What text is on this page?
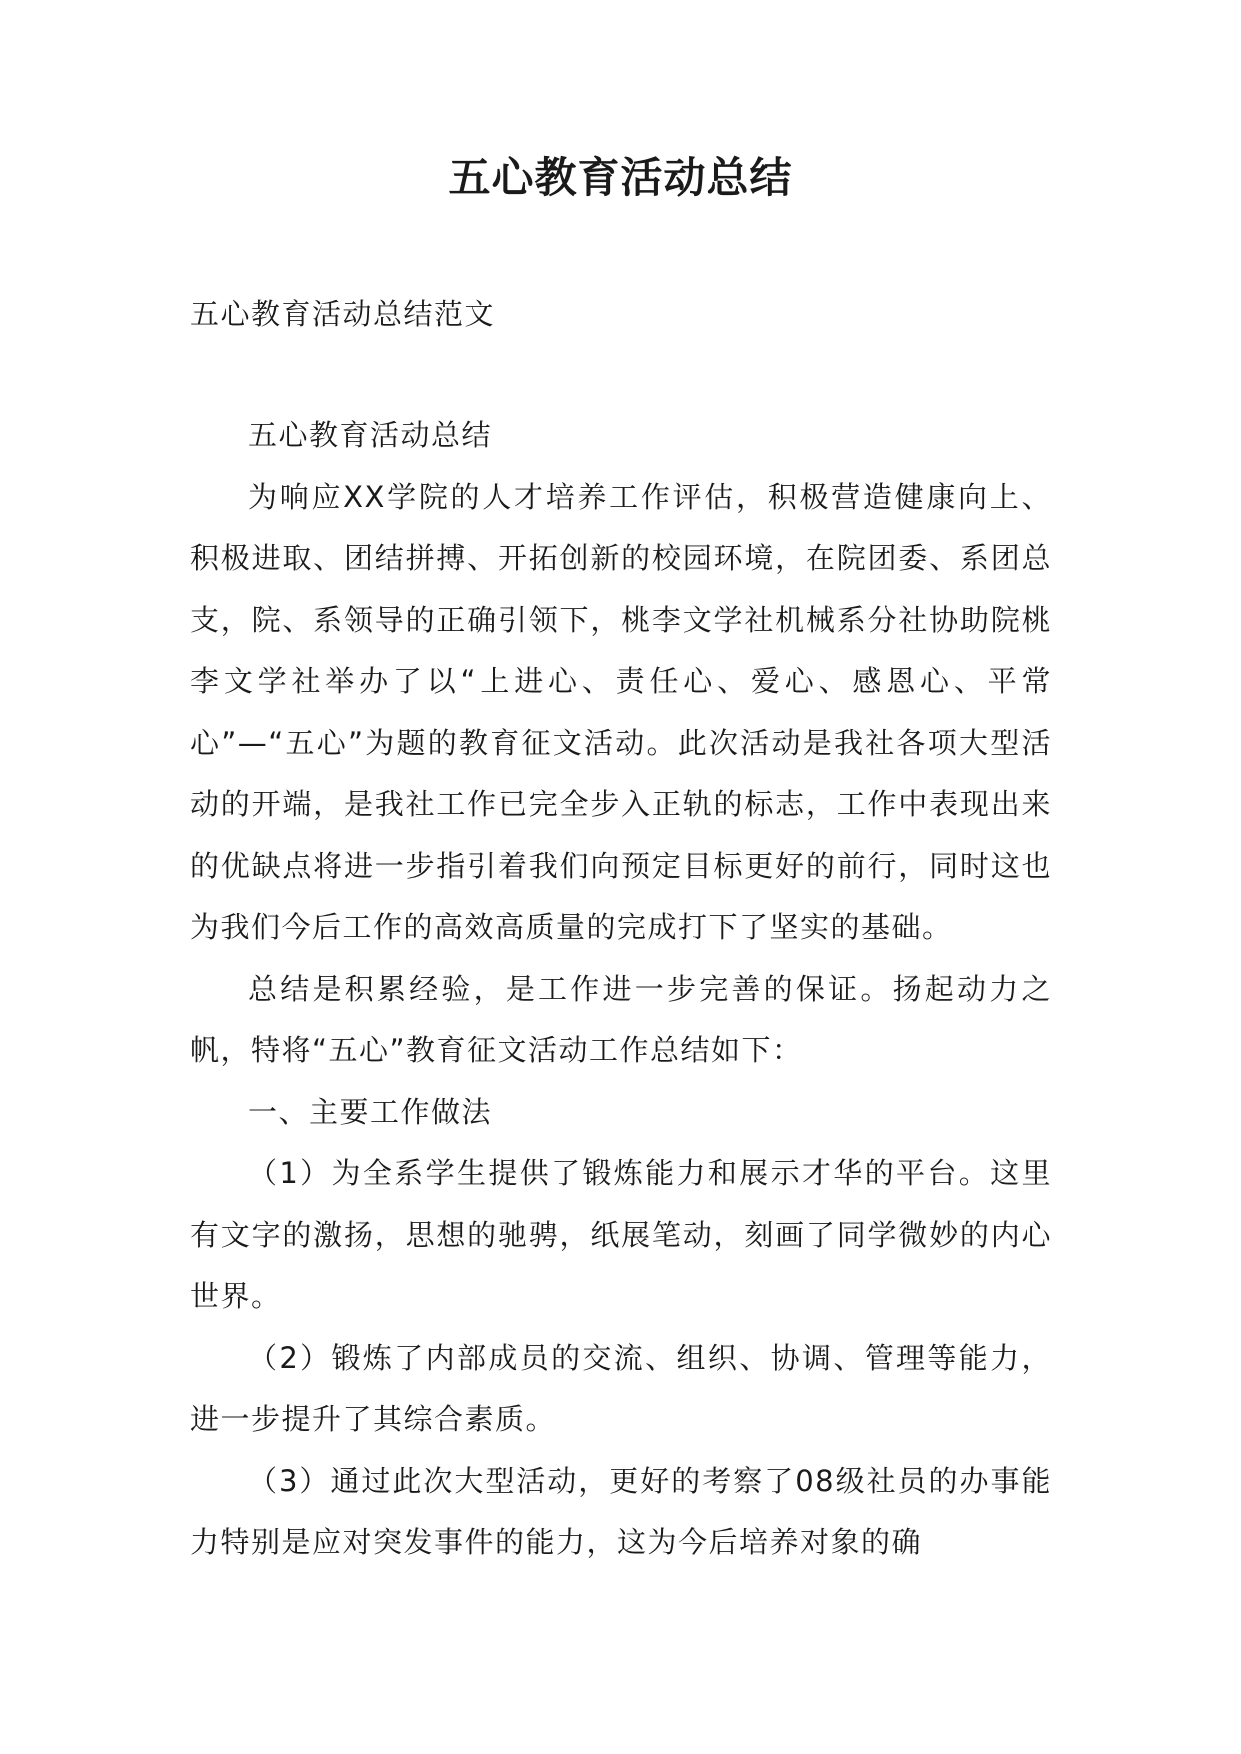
五心教育活动总结
五心教育活动总结范文

五心教育活动总结

为响应XX学院的人才培养工作评估，积极营造健康向上、积极进取、团结拼搏、开拓创新的校园环境，在院团委、系团总支，院、系领导的正确引领下，桃李文学社机械系分社协助院桃李文学社举办了以“上进心、责任心、爱心、感恩心、平常心”—“五心”为题的教育征文活动。此次活动是我社各项大型活动的开端，是我社工作已完全步入正轨的标志，工作中表现出来的优缺点将进一步指引着我们向预定目标更好的前行，同时这也为我们今后工作的高效高质量的完成打下了坚实的基础。

总结是积累经验，是工作进一步完善的保证。扬起动力之帆，特将“五心”教育征文活动工作总结如下：

一、主要工作做法

（1）为全系学生提供了锻炼能力和展示才华的平台。这里有文字的激扬，思想的驰骋，纸展笔动，刻画了同学微妙的内心世界。

（2）锻炼了内部成员的交流、组织、协调、管理等能力，进一步提升了其综合素质。

（3）通过此次大型活动，更好的考察了08级社员的办事能力特别是应对突发事件的能力，这为今后培养对象的确
